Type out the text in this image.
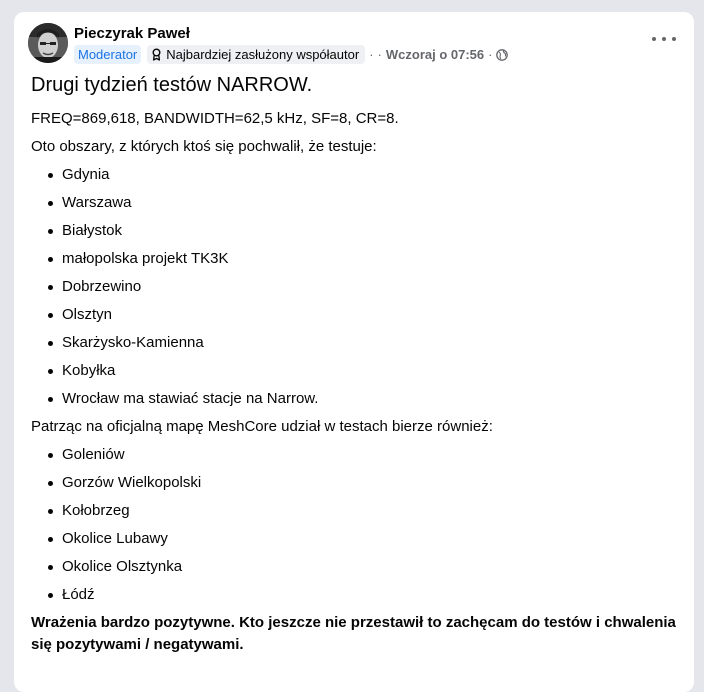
Pieczyrak Paweł
Moderator	Najbardziej zasłużony współautor · · Wczoraj o 07:56 ·
Drugi tydzień testów NARROW.

FREQ=869,618, BANDWIDTH=62,5 kHz, SF=8, CR=8.

Oto obszary, z których ktoś się pochwalił, że testuje:

Gdynia
Warszawa
Białystok
małopolska projekt TK3K
Dobrzewino
Olsztyn
Skarżysko-Kamienna
Kobyłka
Wrocław ma stawiać stacje na Narrow.

Patrząc na oficjalną mapę MeshCore udział w testach bierze również:

Goleniów
Gorzów Wielkopolski
Kołobrzeg
Okolice Lubawy
Okolice Olsztynka
Łódź

Wrażenia bardzo pozytywne. Kto jeszcze nie przestawił to zachęcam do testów i chwalenia się pozytywami / negatywami.
